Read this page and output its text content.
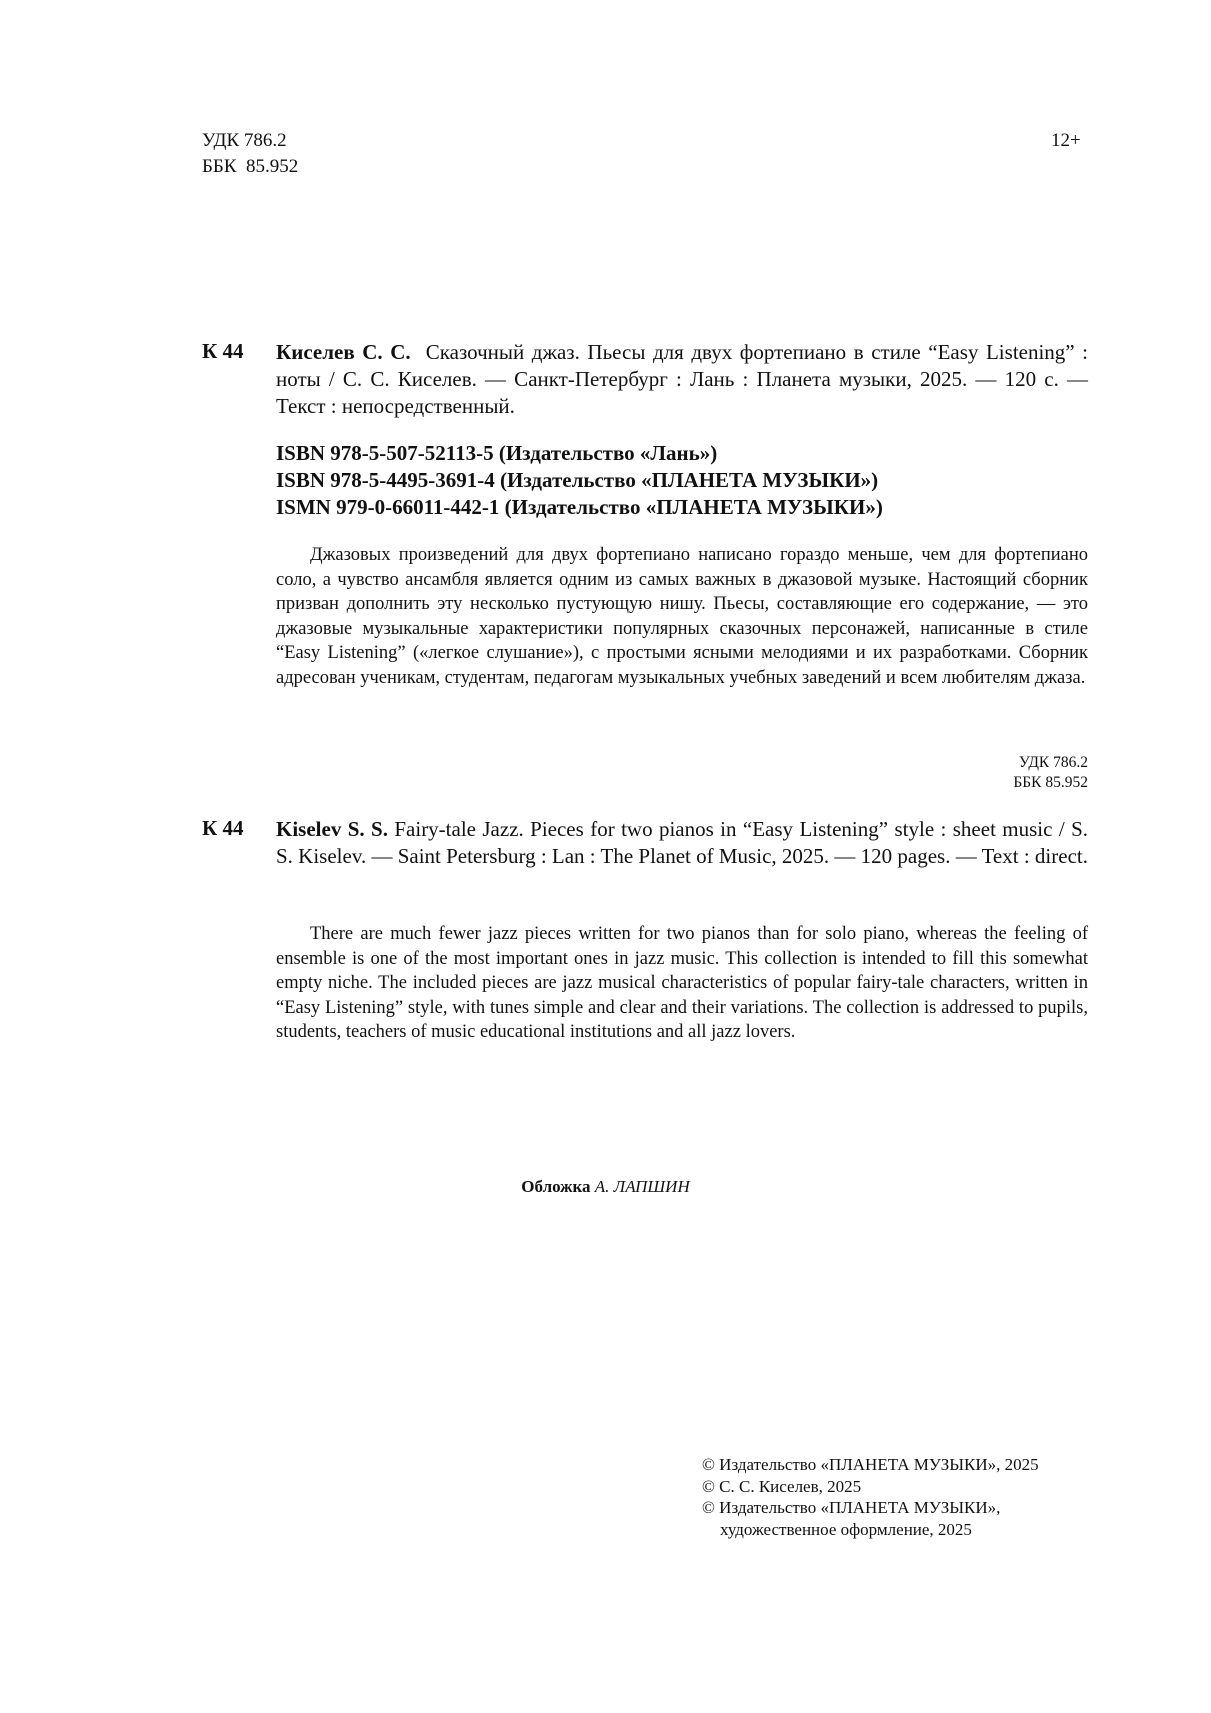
УДК 786.2
ББК  85.952
12+
К 44 Киселев С. С. Сказочный джаз. Пьесы для двух фортепиано в стиле “Easy Listening” : ноты / С. С. Киселев. — Санкт-Петербург : Лань : Планета музыки, 2025. — 120 с. — Текст : непосредственный.
ISBN 978-5-507-52113-5 (Издательство «Лань»)
ISBN 978-5-4495-3691-4 (Издательство «ПЛАНЕТА МУЗЫКИ»)
ISMN 979-0-66011-442-1 (Издательство «ПЛАНЕТА МУЗЫКИ»)
Джазовых произведений для двух фортепиано написано гораздо меньше, чем для фортепиано соло, а чувство ансамбля является одним из самых важных в джазовой музыке. Настоящий сборник призван дополнить эту несколько пустующую нишу. Пьесы, составляющие его содержание, — это джазовые музыкальные характеристики популярных сказочных персонажей, написанные в стиле “Easy Listening” («легкое слушание»), с простыми ясными мелодиями и их разработками. Сборник адресован ученикам, студентам, педагогам музыкальных учебных заведений и всем любителям джаза.
УДК 786.2
ББК 85.952
К 44 Kiselev S. S. Fairy-tale Jazz. Pieces for two pianos in “Easy Listening” style : sheet music / S. S. Kiselev. — Saint Petersburg : Lan : The Planet of Music, 2025. — 120 pages. — Text : direct.
There are much fewer jazz pieces written for two pianos than for solo piano, whereas the feeling of ensemble is one of the most important ones in jazz music. This collection is intended to fill this somewhat empty niche. The included pieces are jazz musical characteristics of popular fairy-tale characters, written in “Easy Listening” style, with tunes simple and clear and their variations. The collection is addressed to pupils, students, teachers of music educational institutions and all jazz lovers.
Обложка А. ЛАПШИН
© Издательство «ПЛАНЕТА МУЗЫКИ», 2025
© С. С. Киселев, 2025
© Издательство «ПЛАНЕТА МУЗЫКИ»,
художественное оформление, 2025
